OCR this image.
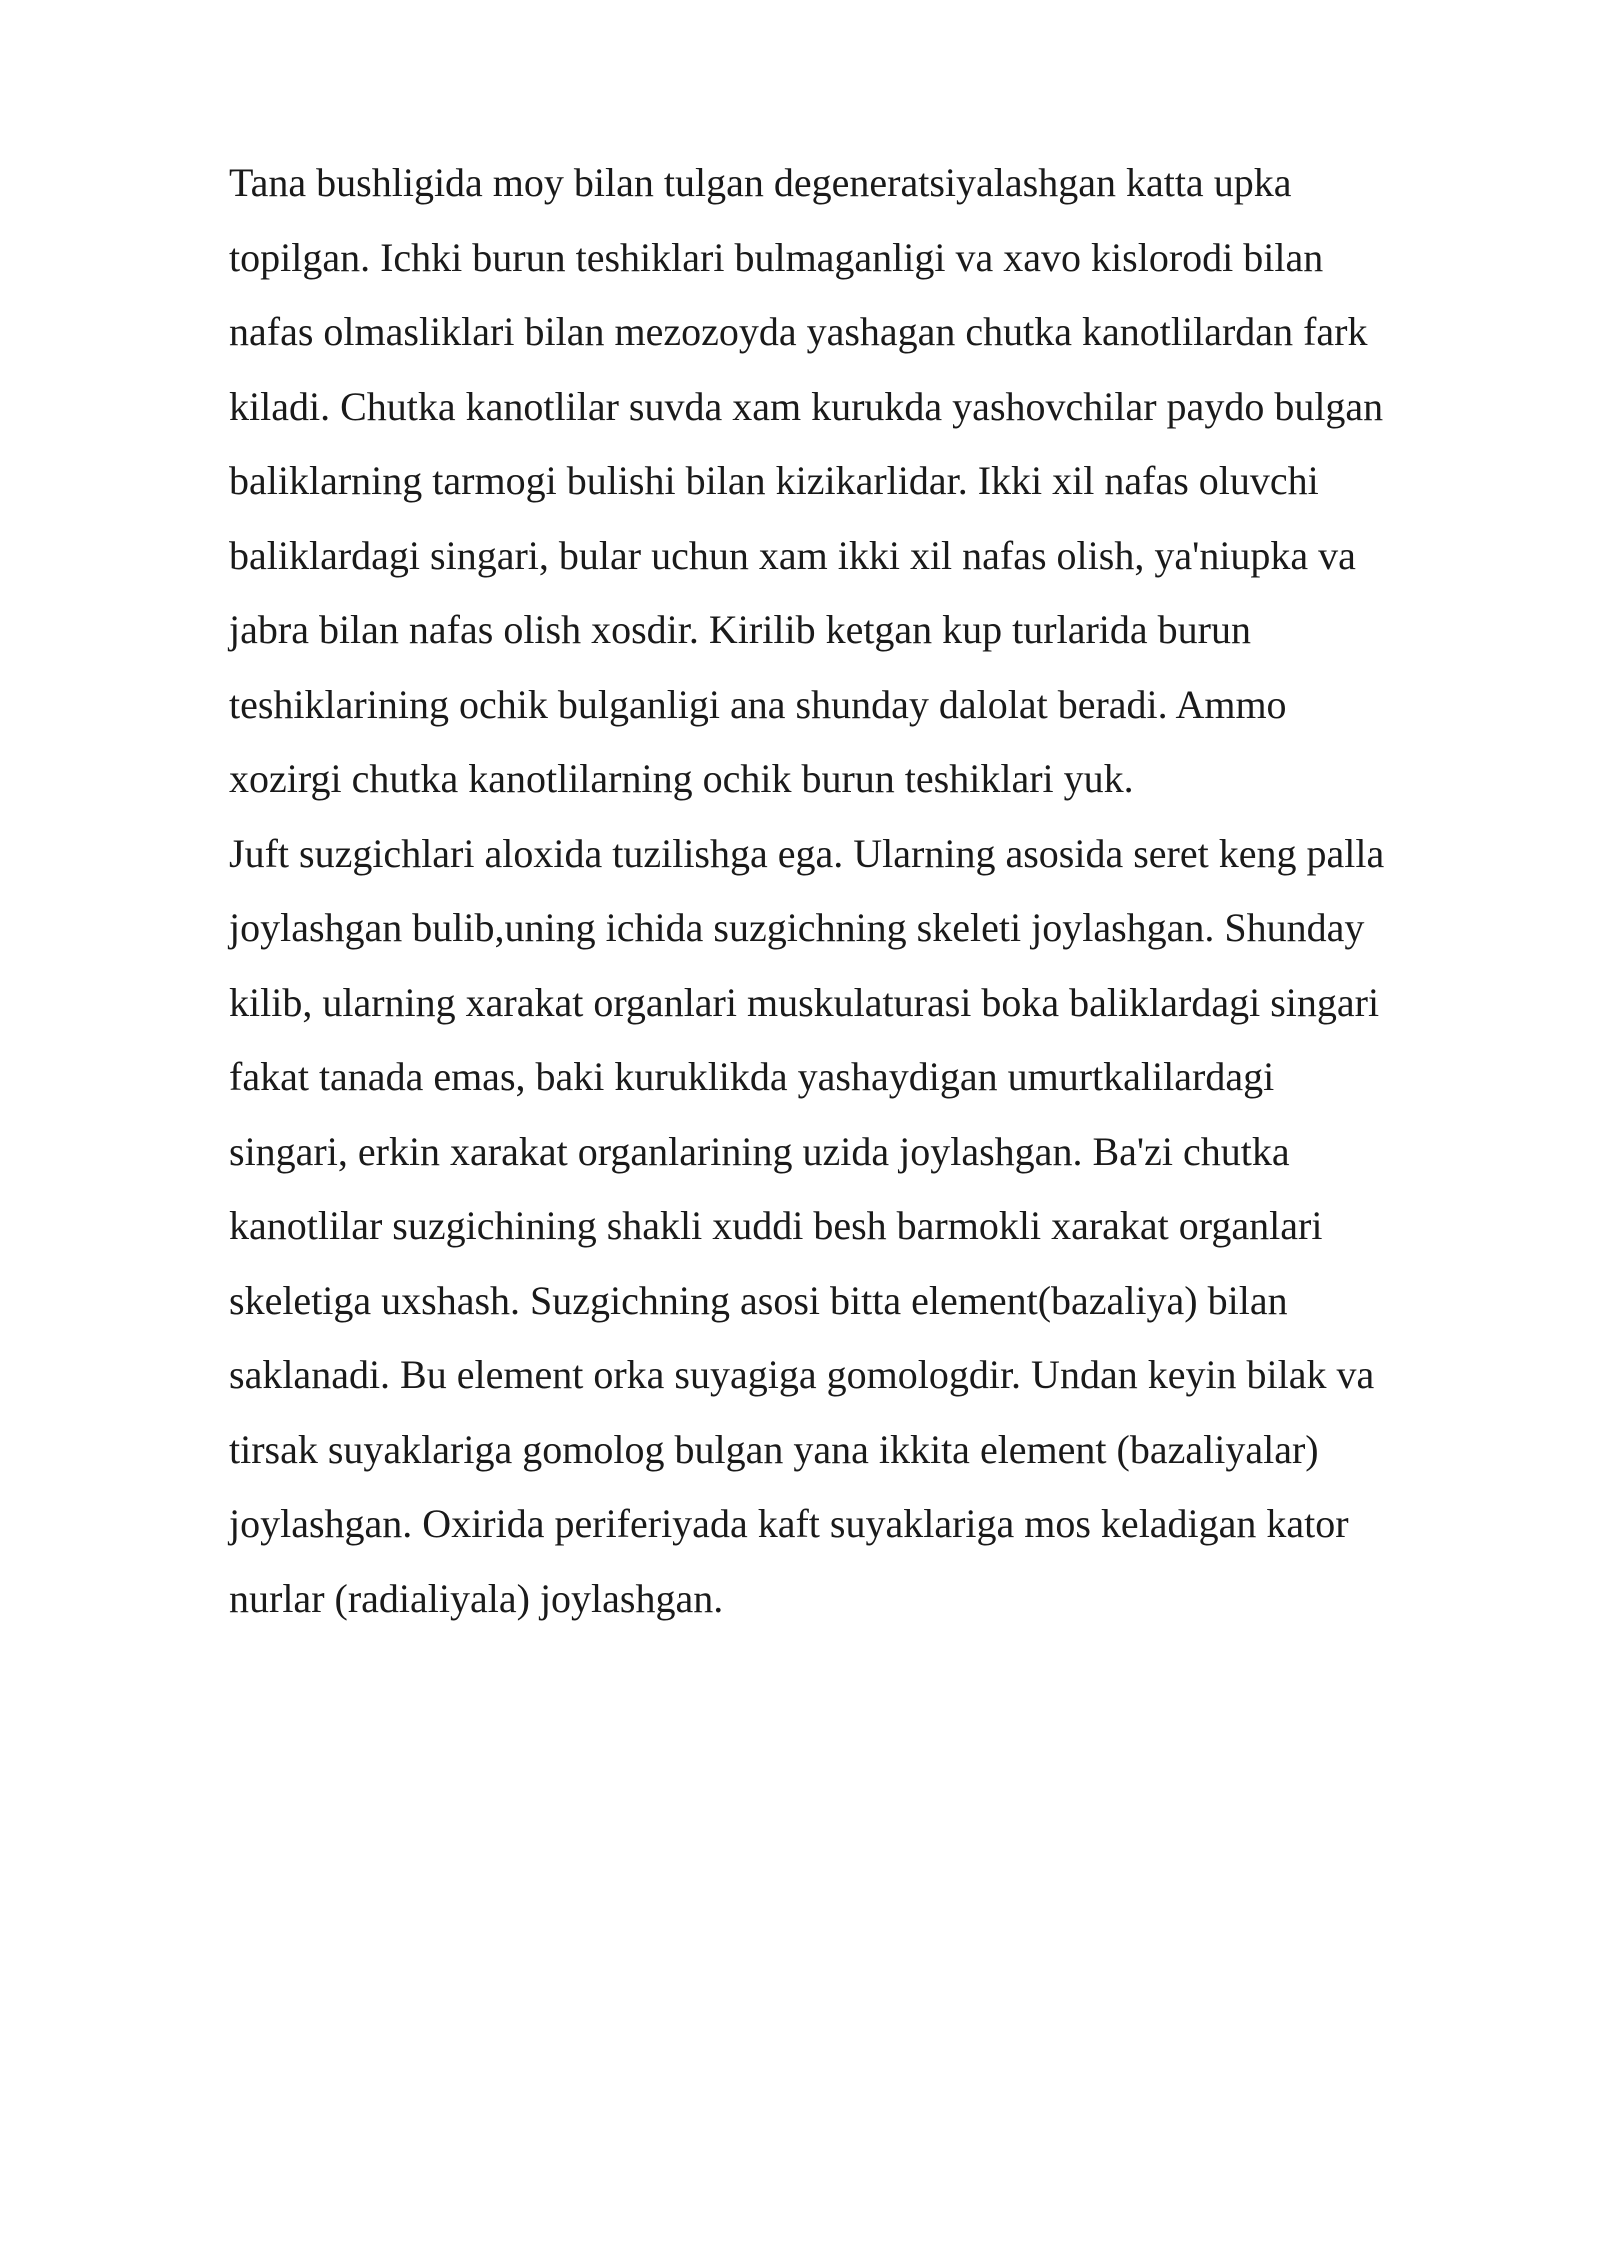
Tana bushligida moy bilan tulgan degeneratsiyalashgan katta upka
topilgan. Ichki burun teshiklari bulmaganligi va xavo kislorodi bilan
nafas olmasliklari bilan mezozoyda yashagan chutka kanotlilardan fark
kiladi. Chutka kanotlilar suvda xam kurukda yashovchilar paydo bulgan
baliklarning tarmogi bulishi bilan kizikarlidar. Ikki xil nafas oluvchi
baliklardagi singari, bular uchun xam ikki xil nafas olish, ya'niupka va
jabra bilan nafas olish xosdir. Kirilib ketgan kup turlarida burun
teshiklarining ochik bulganligi ana shunday dalolat beradi. Ammo
xozirgi chutka kanotlilarning ochik burun teshiklari yuk.
Juft suzgichlari aloxida tuzilishga ega. Ularning asosida seret keng palla
joylashgan bulib,uning ichida suzgichning skeleti joylashgan. Shunday
kilib, ularning xarakat organlari muskulaturasi boka baliklardagi singari
fakat tanada emas, baki kuruklikda yashaydigan umurtkalilardagi
singari, erkin xarakat organlarining uzida joylashgan. Ba'zi chutka
kanotlilar suzgichining shakli xuddi besh barmokli xarakat organlari
skeletiga uxshash. Suzgichning asosi bitta element(bazaliya) bilan
saklanadi. Bu element orka suyagiga gomologdir. Undan keyin bilak va
tirsak suyaklariga gomolog bulgan yana ikkita element (bazaliyalar)
joylashgan. Oxirida periferiyada kaft suyaklariga mos keladigan kator
nurlar (radialiyala) joylashgan.
